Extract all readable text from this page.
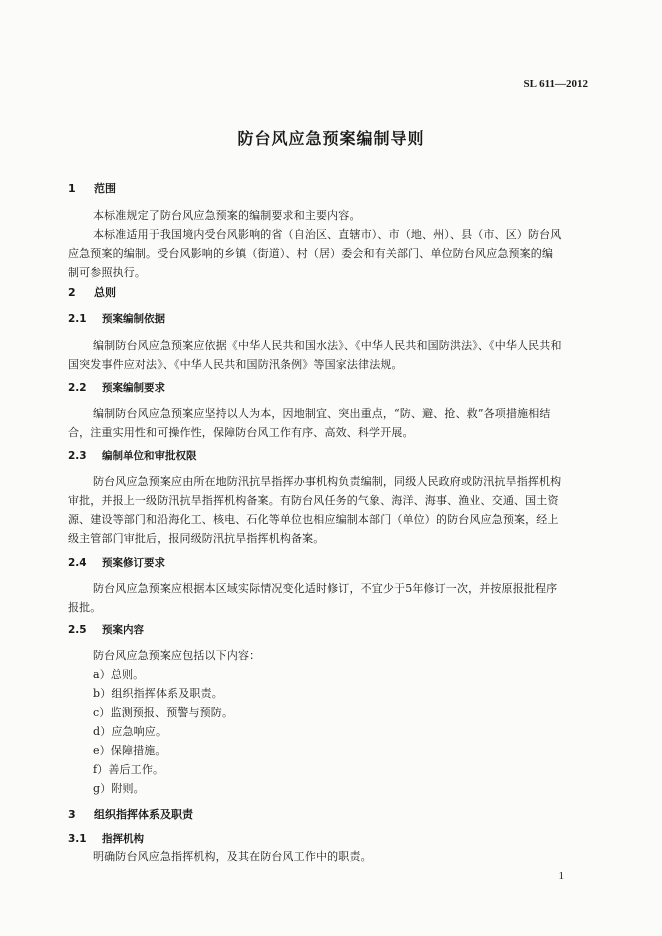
SL 611—2012
防台风应急预案编制导则
1 范围
本标准规定了防台风应急预案的编制要求和主要内容。
本标准适用于我国境内受台风影响的省（自治区、直辖市）、市（地、州）、县（市、区）防台风
应急预案的编制。受台风影响的乡镇（街道）、村（居）委会和有关部门、单位防台风应急预案的编
制可参照执行。
2 总则
2.1 预案编制依据
编制防台风应急预案应依据《中华人民共和国水法》、《中华人民共和国防洪法》、《中华人民共和
国突发事件应对法》、《中华人民共和国防汛条例》等国家法律法规。
2.2 预案编制要求
编制防台风应急预案应坚持以人为本，因地制宜、突出重点，“防、避、抢、救”各项措施相结
合，注重实用性和可操作性，保障防台风工作有序、高效、科学开展。
2.3 编制单位和审批权限
防台风应急预案应由所在地防汛抗旱指挥办事机构负责编制，同级人民政府或防汛抗旱指挥机构
审批，并报上一级防汛抗旱指挥机构备案。有防台风任务的气象、海洋、海事、渔业、交通、国土资
源、建设等部门和沿海化工、核电、石化等单位也相应编制本部门（单位）的防台风应急预案，经上
级主管部门审批后，报同级防汛抗旱指挥机构备案。
2.4 预案修订要求
防台风应急预案应根据本区域实际情况变化适时修订，不宜少于5年修订一次，并按原报批程序
报批。
2.5 预案内容
防台风应急预案应包括以下内容：
a）总则。
b）组织指挥体系及职责。
c）监测预报、预警与预防。
d）应急响应。
e）保障措施。
f）善后工作。
g）附则。
3 组织指挥体系及职责
3.1 指挥机构
明确防台风应急指挥机构，及其在防台风工作中的职责。
1
